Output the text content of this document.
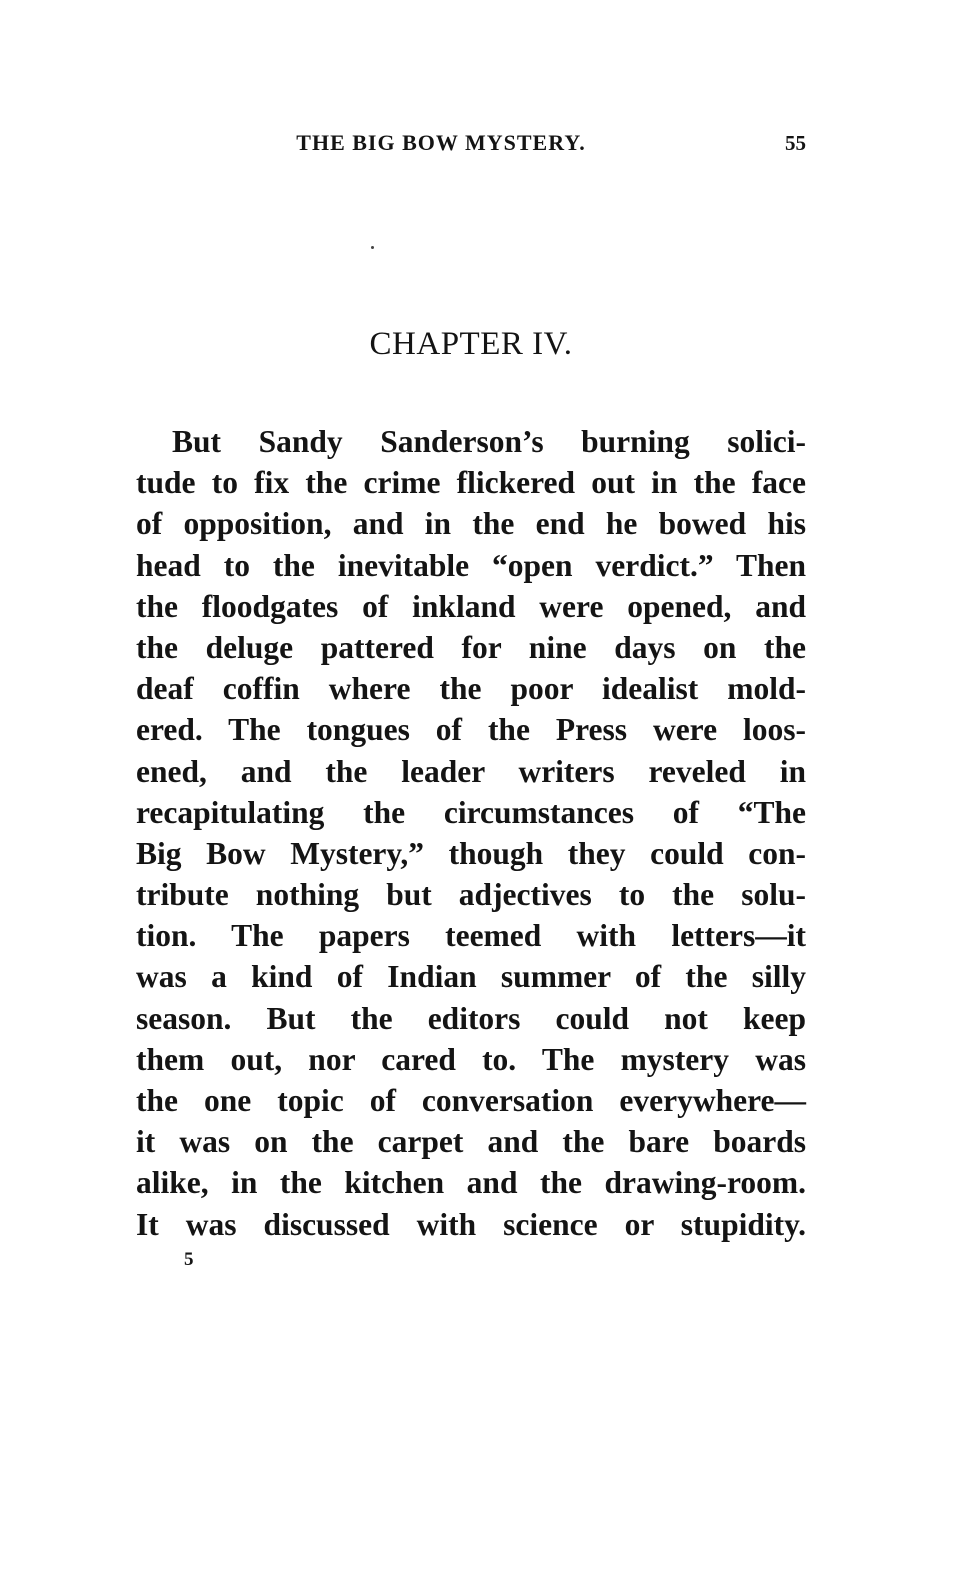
THE BIG BOW MYSTERY.	55
CHAPTER IV.
But Sandy Sanderson’s burning solici-
tude to fix the crime flickered out in the face
of opposition, and in the end he bowed his
head to the inevitable “open verdict.” Then
the floodgates of inkland were opened, and
the deluge pattered for nine days on the
deaf coffin where the poor idealist mold-
ered. The tongues of the Press were loos-
ened, and the leader writers reveled in
recapitulating the circumstances of “The
Big Bow Mystery,” though they could con-
tribute nothing but adjectives to the solu-
tion. The papers teemed with letters—it
was a kind of Indian summer of the silly
season. But the editors could not keep
them out, nor cared to. The mystery was
the one topic of conversation everywhere—
it was on the carpet and the bare boards
alike, in the kitchen and the drawing-room.
It was discussed with science or stupidity.
5
